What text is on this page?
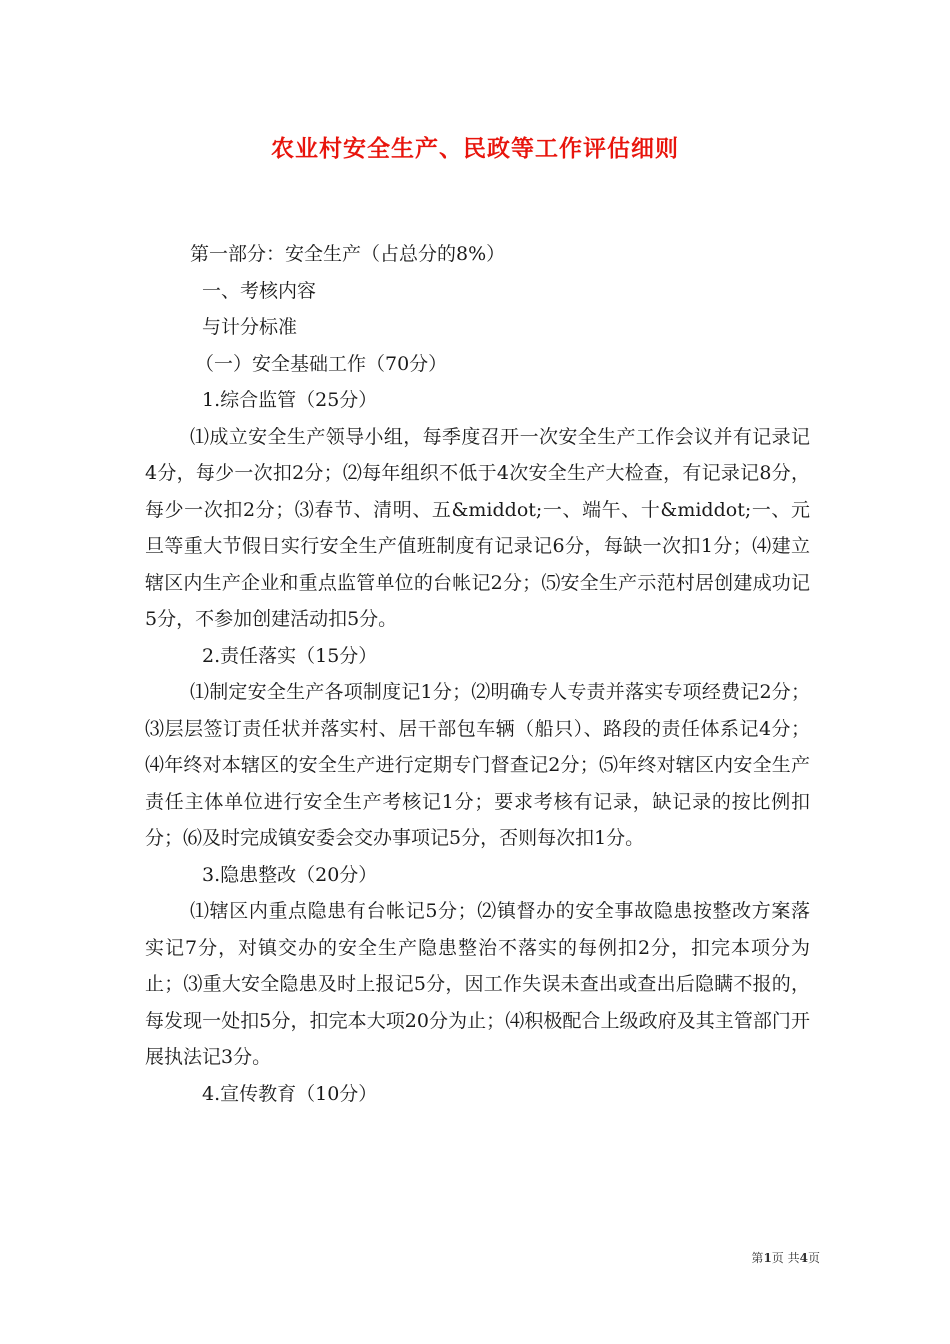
农业村安全生产、民政等工作评估细则
第一部分：安全生产（占总分的8%）
一、考核内容
与计分标准
（一）安全基础工作（70分）
1.综合监管（25分）
⑴成立安全生产领导小组，每季度召开一次安全生产工作会议并有记录记4分，每少一次扣2分；⑵每年组织不低于4次安全生产大检查，有记录记8分，每少一次扣2分；⑶春节、清明、五&middot;一、端午、十&middot;一、元旦等重大节假日实行安全生产值班制度有记录记6分，每缺一次扣1分；⑷建立辖区内生产企业和重点监管单位的台帐记2分；⑸安全生产示范村居创建成功记5分，不参加创建活动扣5分。
2.责任落实（15分）
⑴制定安全生产各项制度记1分；⑵明确专人专责并落实专项经费记2分；⑶层层签订责任状并落实村、居干部包车辆（船只）、路段的责任体系记4分；⑷年终对本辖区的安全生产进行定期专门督查记2分；⑸年终对辖区内安全生产责任主体单位进行安全生产考核记1分；要求考核有记录，缺记录的按比例扣分；⑹及时完成镇安委会交办事项记5分，否则每次扣1分。
3.隐患整改（20分）
⑴辖区内重点隐患有台帐记5分；⑵镇督办的安全事故隐患按整改方案落实记7分，对镇交办的安全生产隐患整治不落实的每例扣2分，扣完本项分为止；⑶重大安全隐患及时上报记5分，因工作失误未查出或查出后隐瞒不报的，每发现一处扣5分，扣完本大项20分为止；⑷积极配合上级政府及其主管部门开展执法记3分。
4.宣传教育（10分）
第1页 共4页
